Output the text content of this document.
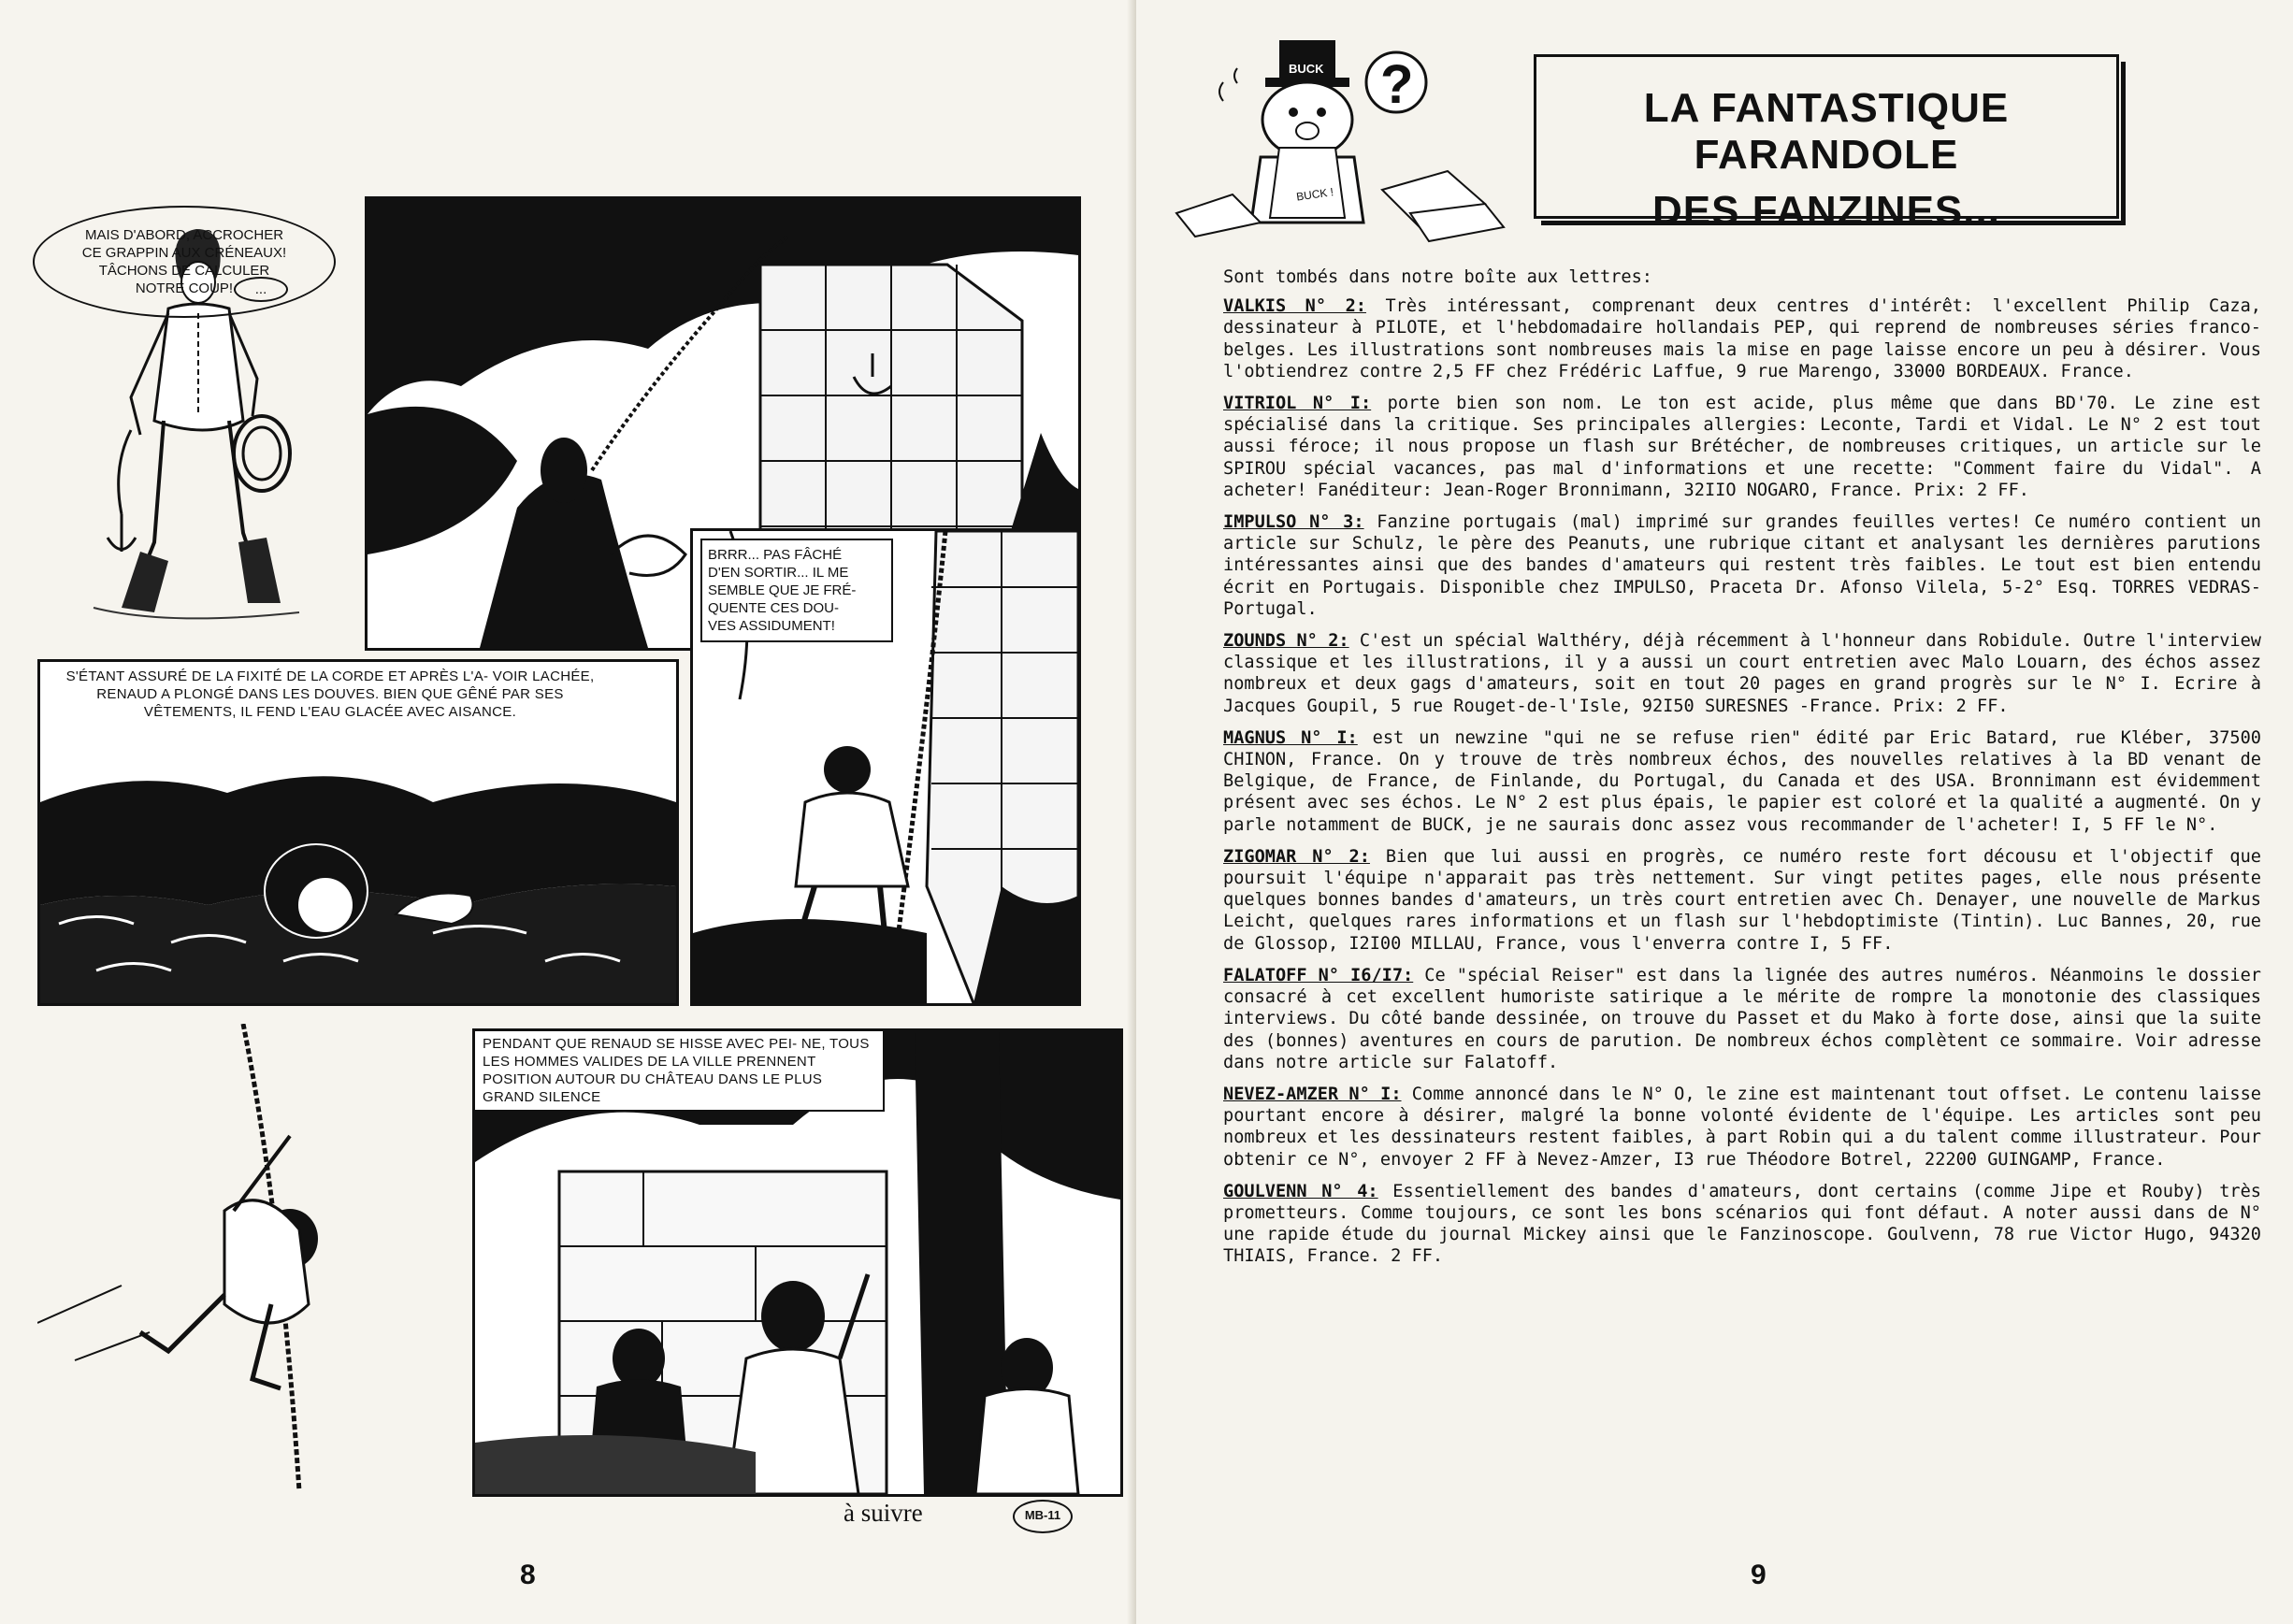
MAIS D'ABORD, ACCROCHER
CE GRAPPIN AUX CRÉNEAUX!
TÂCHONS DE CALCULER
NOTRE COUP!	...
S'ÉTANT ASSURÉ DE LA FIXITÉ DE LA CORDE ET APRÈS L'A- VOIR LACHÉE, RENAUD A PLONGÉ DANS LES DOUVES. BIEN QUE GÊNÉ PAR SES VÊTEMENTS, IL FEND L'EAU GLACÉE AVEC AISANCE.
BRRR... PAS FÂCHÉ
D'EN SORTIR... IL ME
SEMBLE QUE JE FRÉ-
QUENTE CES DOU-
VES ASSIDUMENT!
PENDANT QUE RENAUD SE HISSE AVEC PEI- NE, TOUS LES HOMMES VALIDES DE LA VILLE PRENNENT POSITION AUTOUR DU CHÂTEAU DANS LE PLUS GRAND SILENCE
à suivre	MB-11
8
BUCK
BUCK !
?	LA FANTASTIQUE FARANDOLE
DES FANZINES...

Sont tombés dans notre boîte aux lettres:

VALKIS N° 2: Très intéressant, comprenant deux centres d'intérêt: l'excellent Philip Caza, dessinateur à PILOTE, et l'hebdomadaire hollandais PEP, qui reprend de nombreuses séries franco-belges. Les illustrations sont nombreuses mais la mise en page laisse encore un peu à désirer. Vous l'obtiendrez contre 2,5 FF chez Frédéric Laffue, 9 rue Marengo, 33000 BORDEAUX. France.

VITRIOL N° I: porte bien son nom. Le ton est acide, plus même que dans BD'70. Le zine est spécialisé dans la critique. Ses principales allergies: Leconte, Tardi et Vidal. Le N° 2 est tout aussi féroce; il nous propose un flash sur Brétécher, de nombreuses critiques, un article sur le SPIROU spécial vacances, pas mal d'informations et une recette: "Comment faire du Vidal". A acheter! Fanéditeur: Jean-Roger Bronnimann, 32IIO NOGARO, France. Prix: 2 FF.

IMPULSO N° 3: Fanzine portugais (mal) imprimé sur grandes feuilles vertes! Ce numéro contient un article sur Schulz, le père des Peanuts, une rubrique citant et analysant les dernières parutions intéressantes ainsi que des bandes d'amateurs qui restent très faibles. Le tout est bien entendu écrit en Portugais. Disponible chez IMPULSO, Praceta Dr. Afonso Vilela, 5-2° Esq. TORRES VEDRAS- Portugal.

ZOUNDS N° 2: C'est un spécial Walthéry, déjà récemment à l'honneur dans Robidule. Outre l'interview classique et les illustrations, il y a aussi un court entretien avec Malo Louarn, des échos assez nombreux et deux gags d'amateurs, soit en tout 20 pages en grand progrès sur le N° I. Ecrire à Jacques Goupil, 5 rue Rouget-de-l'Isle, 92I50 SURESNES -France. Prix: 2 FF.

MAGNUS N° I: est un newzine "qui ne se refuse rien" édité par Eric Batard, rue Kléber, 37500 CHINON, France. On y trouve de très nombreux échos, des nouvelles relatives à la BD venant de Belgique, de France, de Finlande, du Portugal, du Canada et des USA. Bronnimann est évidemment présent avec ses échos. Le N° 2 est plus épais, le papier est coloré et la qualité a augmenté. On y parle notamment de BUCK, je ne saurais donc assez vous recommander de l'acheter! I, 5 FF le N°.

ZIGOMAR N° 2: Bien que lui aussi en progrès, ce numéro reste fort décousu et l'objectif que poursuit l'équipe n'apparait pas très nettement. Sur vingt petites pages, elle nous présente quelques bonnes bandes d'amateurs, un très court entretien avec Ch. Denayer, une nouvelle de Markus Leicht, quelques rares informations et un flash sur l'hebdoptimiste (Tintin). Luc Bannes, 20, rue de Glossop, I2I00 MILLAU, France, vous l'enverra contre I, 5 FF.

FALATOFF N° I6/I7: Ce "spécial Reiser" est dans la lignée des autres numéros. Néanmoins le dossier consacré à cet excellent humoriste satirique a le mérite de rompre la monotonie des classiques interviews. Du côté bande dessinée, on trouve du Passet et du Mako à forte dose, ainsi que la suite des (bonnes) aventures en cours de parution. De nombreux échos complètent ce sommaire. Voir adresse dans notre article sur Falatoff.

NEVEZ-AMZER N° I: Comme annoncé dans le N° O, le zine est maintenant tout offset. Le contenu laisse pourtant encore à désirer, malgré la bonne volonté évidente de l'équipe. Les articles sont peu nombreux et les dessinateurs restent faibles, à part Robin qui a du talent comme illustrateur. Pour obtenir ce N°, envoyer 2 FF à Nevez-Amzer, I3 rue Théodore Botrel, 22200 GUINGAMP, France.

GOULVENN N° 4: Essentiellement des bandes d'amateurs, dont certains (comme Jipe et Rouby) très prometteurs. Comme toujours, ce sont les bons scénarios qui font défaut. A noter aussi dans de N° une rapide étude du journal Mickey ainsi que le Fanzinoscope. Goulvenn, 78 rue Victor Hugo, 94320 THIAIS, France. 2 FF.

9
